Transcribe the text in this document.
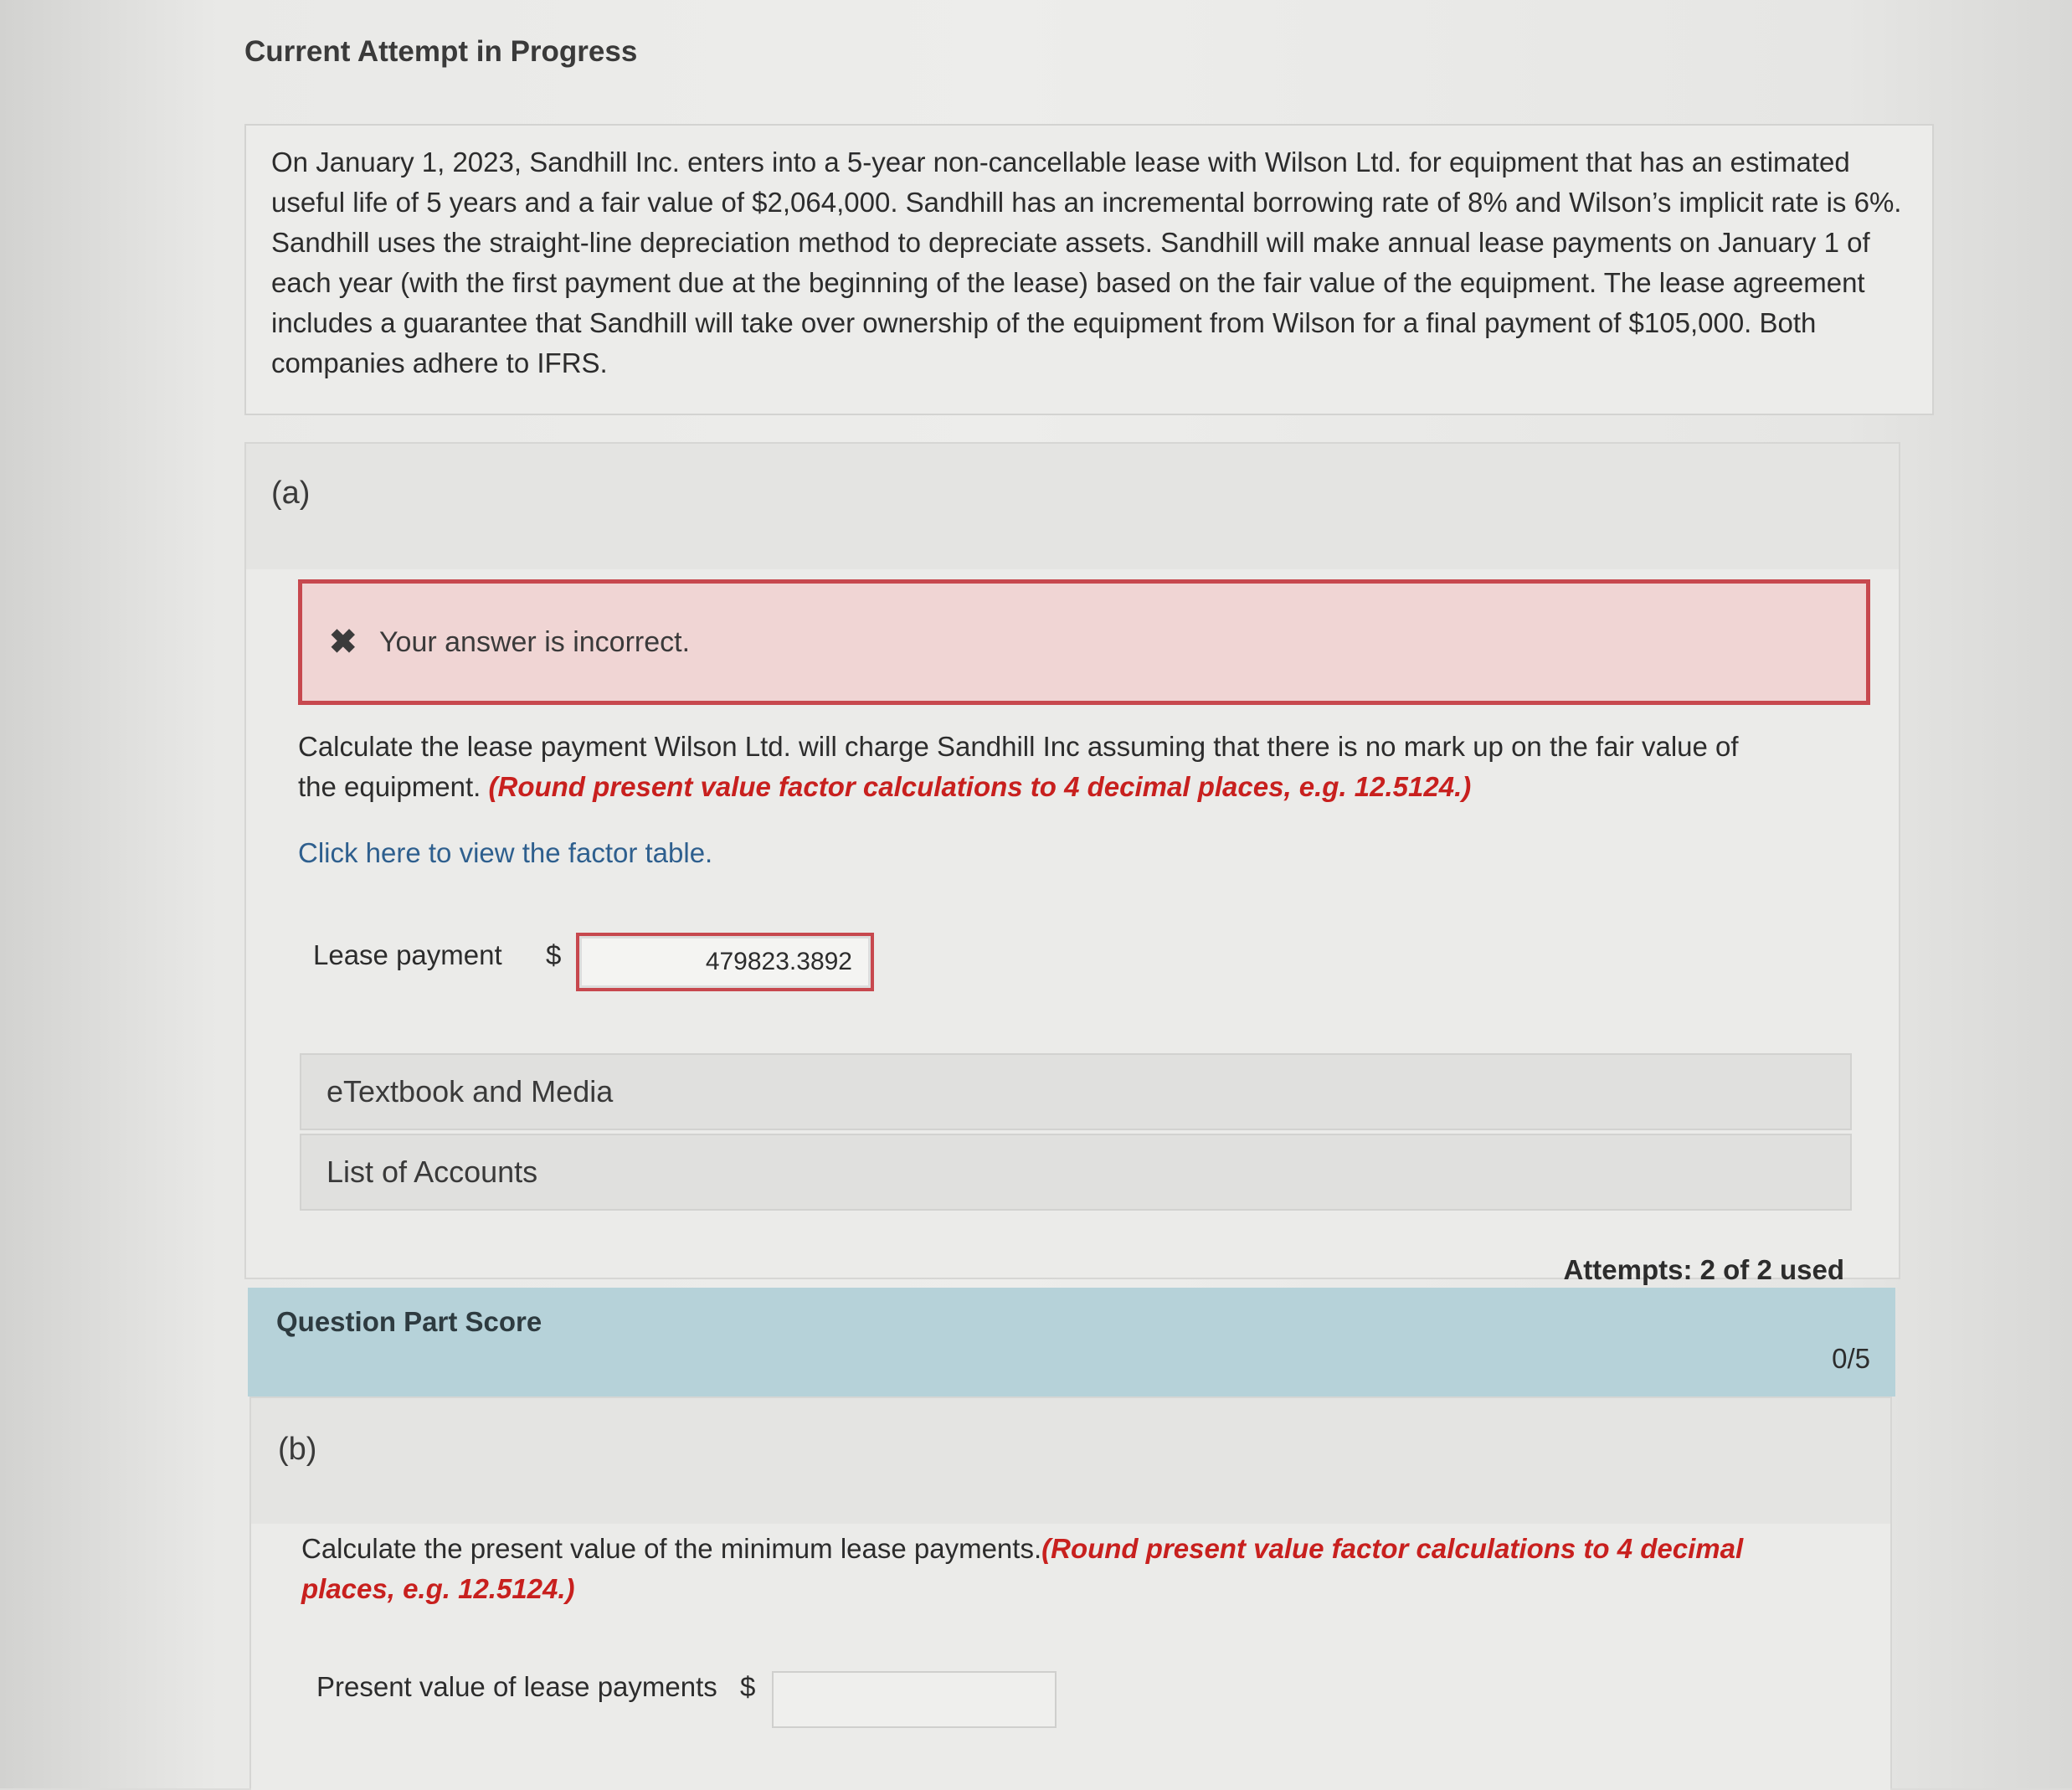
Current Attempt in Progress
On January 1, 2023, Sandhill Inc. enters into a 5-year non-cancellable lease with Wilson Ltd. for equipment that has an estimated useful life of 5 years and a fair value of $2,064,000. Sandhill has an incremental borrowing rate of 8% and Wilson’s implicit rate is 6%. Sandhill uses the straight-line depreciation method to depreciate assets. Sandhill will make annual lease payments on January 1 of each year (with the first payment due at the beginning of the lease) based on the fair value of the equipment. The lease agreement includes a guarantee that Sandhill will take over ownership of the equipment from Wilson for a final payment of $105,000. Both companies adhere to IFRS.
(a)
✖ Your answer is incorrect.
Calculate the lease payment Wilson Ltd. will charge Sandhill Inc assuming that there is no mark up on the fair value of the equipment. (Round present value factor calculations to 4 decimal places, e.g. 12.5124.)
Click here to view the factor table.
Lease payment $	479823.3892
eTextbook and Media
List of Accounts
Attempts: 2 of 2 used
Question Part Score
0/5
(b)
Calculate the present value of the minimum lease payments.(Round present value factor calculations to 4 decimal places, e.g. 12.5124.)
Present value of lease payments $
